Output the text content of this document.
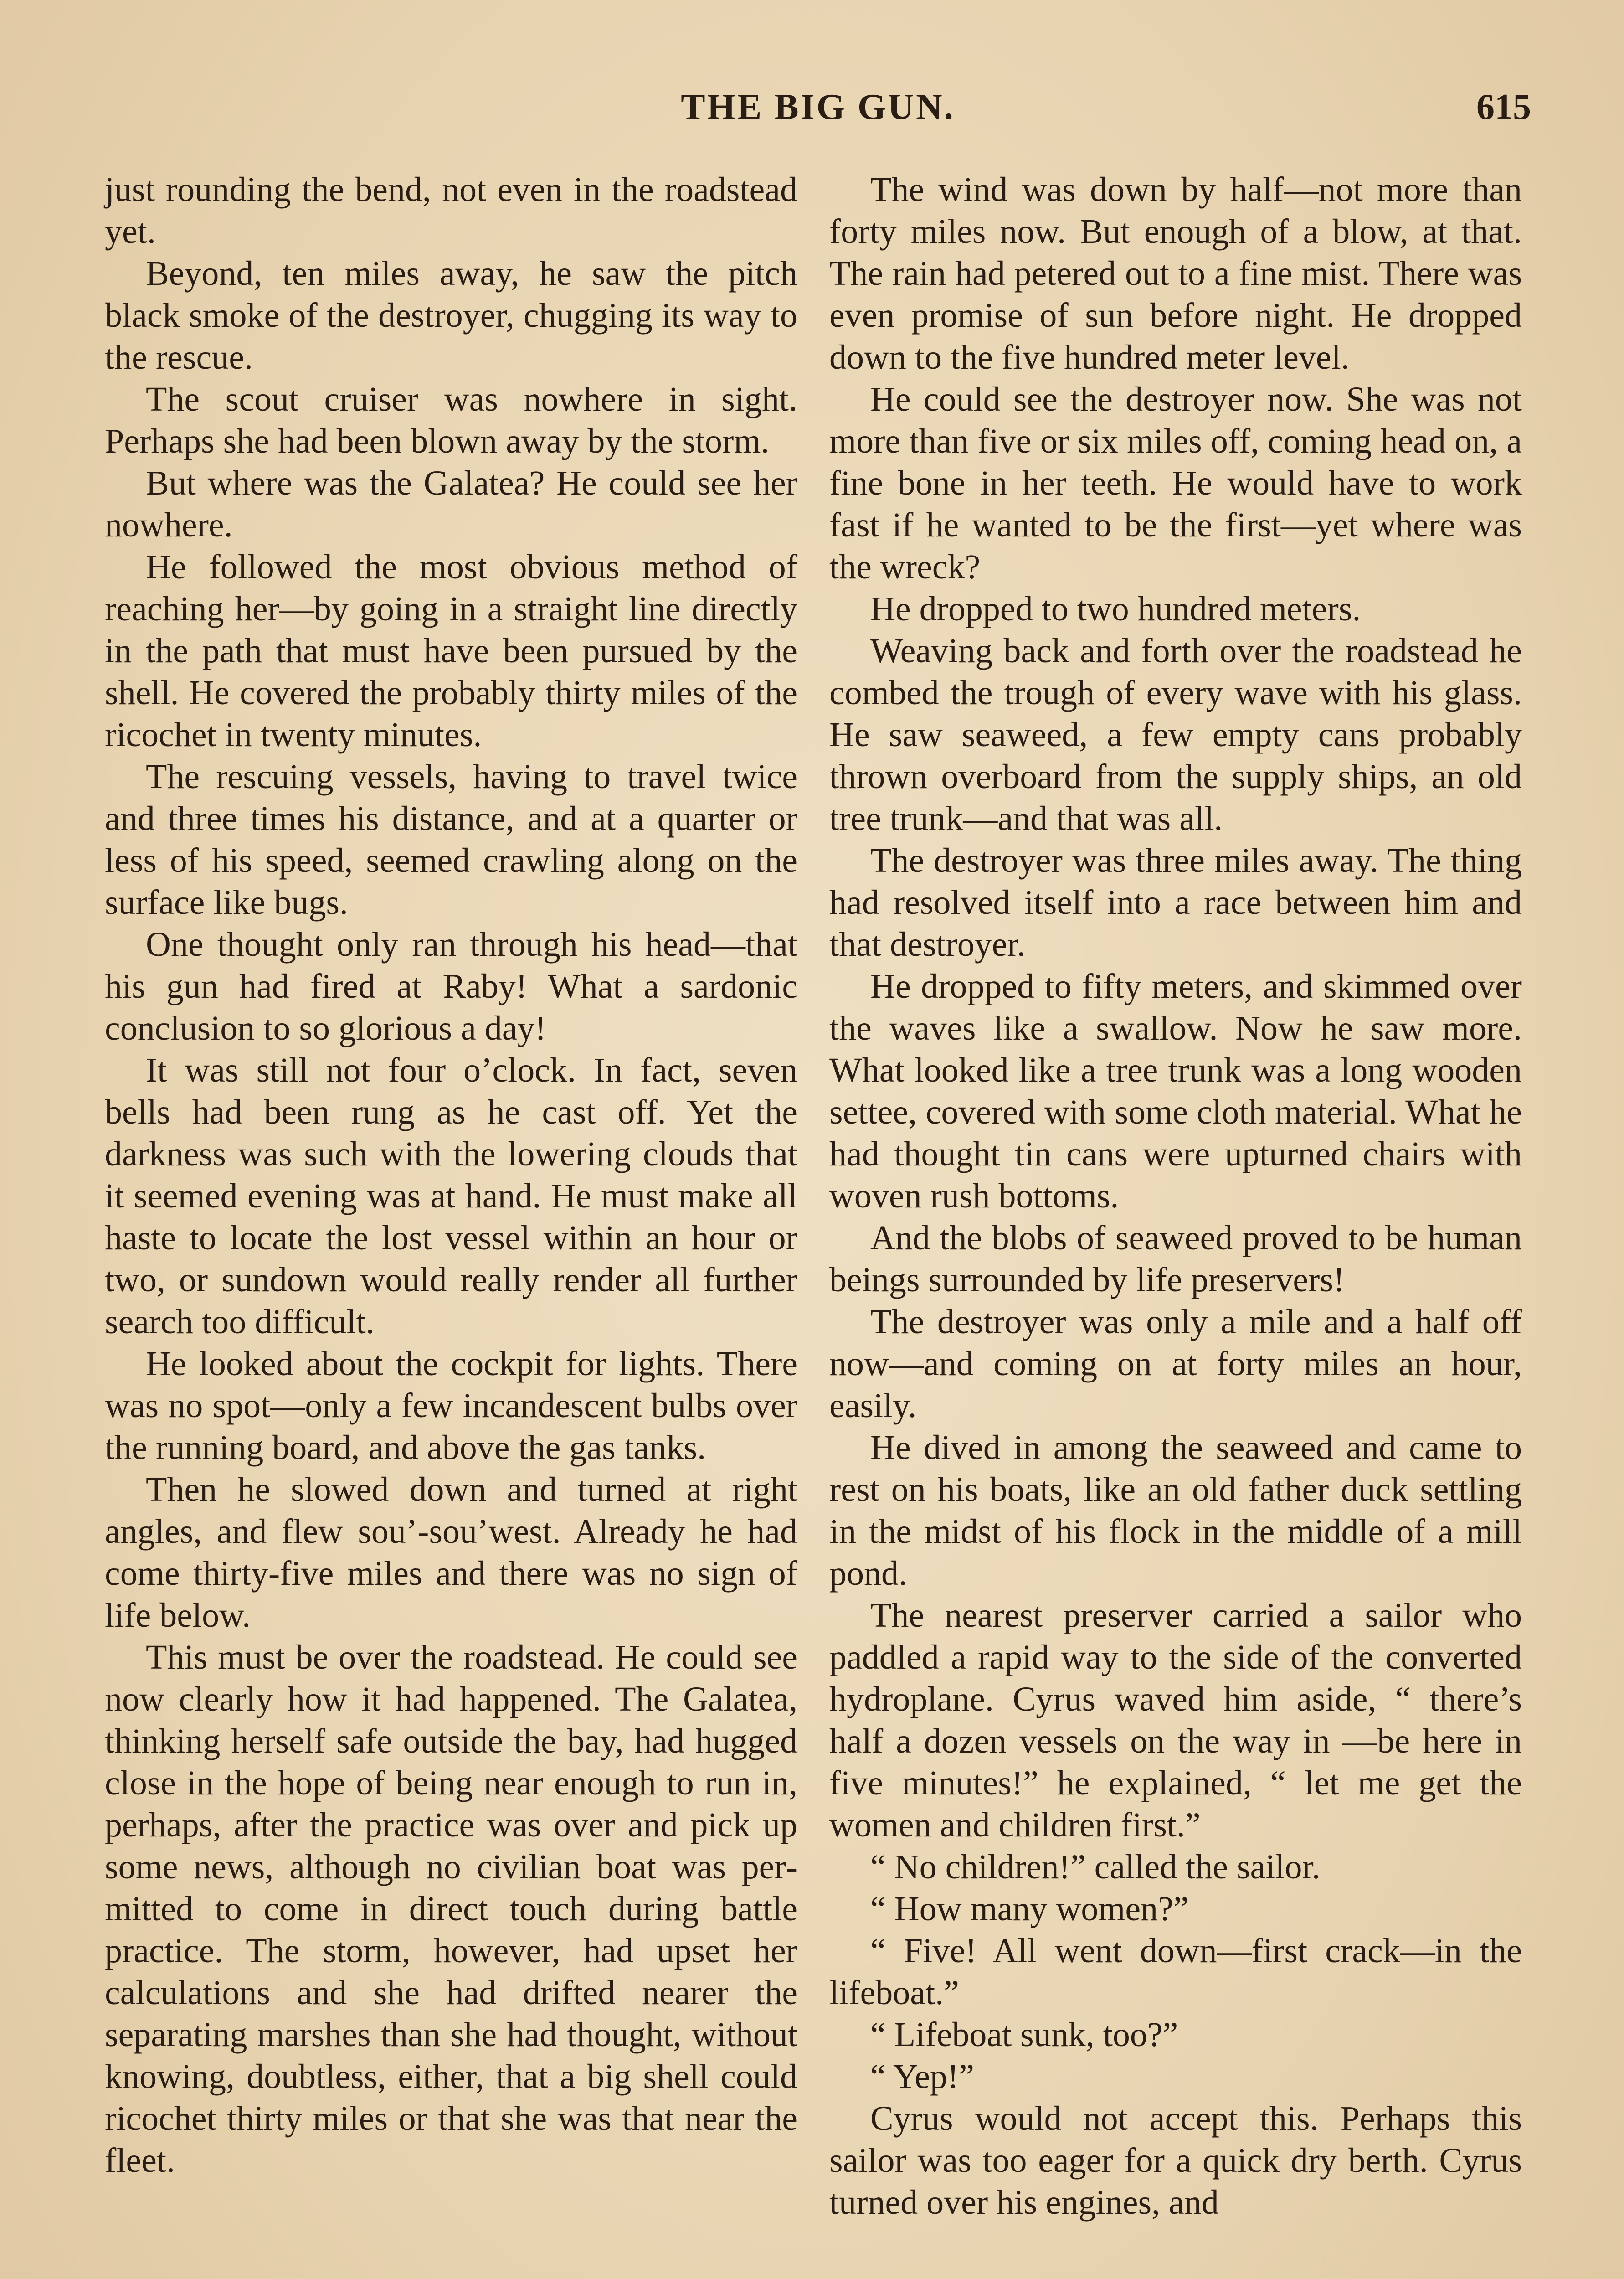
THE BIG GUN.	615

just rounding the bend, not even in the roadstead yet.

Beyond, ten miles away, he saw the pitch black smoke of the destroyer, chugging its way to the rescue.

The scout cruiser was nowhere in sight. Perhaps she had been blown away by the storm.

But where was the Galatea? He could see her nowhere.

He followed the most obvious method of reaching her—by going in a straight line directly in the path that must have been pursued by the shell. He covered the probably thirty miles of the ricochet in twenty minutes.

The rescuing vessels, having to travel twice and three times his distance, and at a quarter or less of his speed, seemed crawling along on the surface like bugs.

One thought only ran through his head—that his gun had fired at Raby! What a sardonic conclusion to so glorious a day!

It was still not four o’clock. In fact, seven bells had been rung as he cast off. Yet the darkness was such with the lowering clouds that it seemed evening was at hand. He must make all haste to locate the lost vessel within an hour or two, or sundown would really render all further search too difficult.

He looked about the cockpit for lights. There was no spot—only a few incandescent bulbs over the running board, and above the gas tanks.

Then he slowed down and turned at right angles, and flew sou’-sou’west. Already he had come thirty-five miles and there was no sign of life below.

This must be over the roadstead. He could see now clearly how it had happened. The Galatea, thinking herself safe outside the bay, had hugged close in the hope of being near enough to run in, perhaps, after the practice was over and pick up some news, although no civilian boat was permitted to come in direct touch during battle practice. The storm, however, had upset her calculations and she had drifted nearer the separating marshes than she had thought, without knowing, doubtless, either, that a big shell could ricochet thirty miles or that she was that near the fleet.

The wind was down by half—not more than forty miles now. But enough of a blow, at that. The rain had petered out to a fine mist. There was even promise of sun before night. He dropped down to the five hundred meter level.

He could see the destroyer now. She was not more than five or six miles off, coming head on, a fine bone in her teeth. He would have to work fast if he wanted to be the first—yet where was the wreck?

He dropped to two hundred meters.

Weaving back and forth over the roadstead he combed the trough of every wave with his glass. He saw seaweed, a few empty cans probably thrown overboard from the supply ships, an old tree trunk—and that was all.

The destroyer was three miles away. The thing had resolved itself into a race between him and that destroyer.

He dropped to fifty meters, and skimmed over the waves like a swallow. Now he saw more. What looked like a tree trunk was a long wooden settee, covered with some cloth material. What he had thought tin cans were upturned chairs with woven rush bottoms.

And the blobs of seaweed proved to be human beings surrounded by life preservers!

The destroyer was only a mile and a half off now—and coming on at forty miles an hour, easily.

He dived in among the seaweed and came to rest on his boats, like an old father duck settling in the midst of his flock in the middle of a mill pond.

The nearest preserver carried a sailor who paddled a rapid way to the side of the converted hydroplane. Cyrus waved him aside, “ there’s half a dozen vessels on the way in —be here in five minutes!” he explained, “ let me get the women and children first.”

“ No children!” called the sailor.

“ How many women?”

“ Five! All went down—first crack—in the lifeboat.”

“ Lifeboat sunk, too?”

“ Yep!”

Cyrus would not accept this. Perhaps this sailor was too eager for a quick dry berth. Cyrus turned over his engines, and
